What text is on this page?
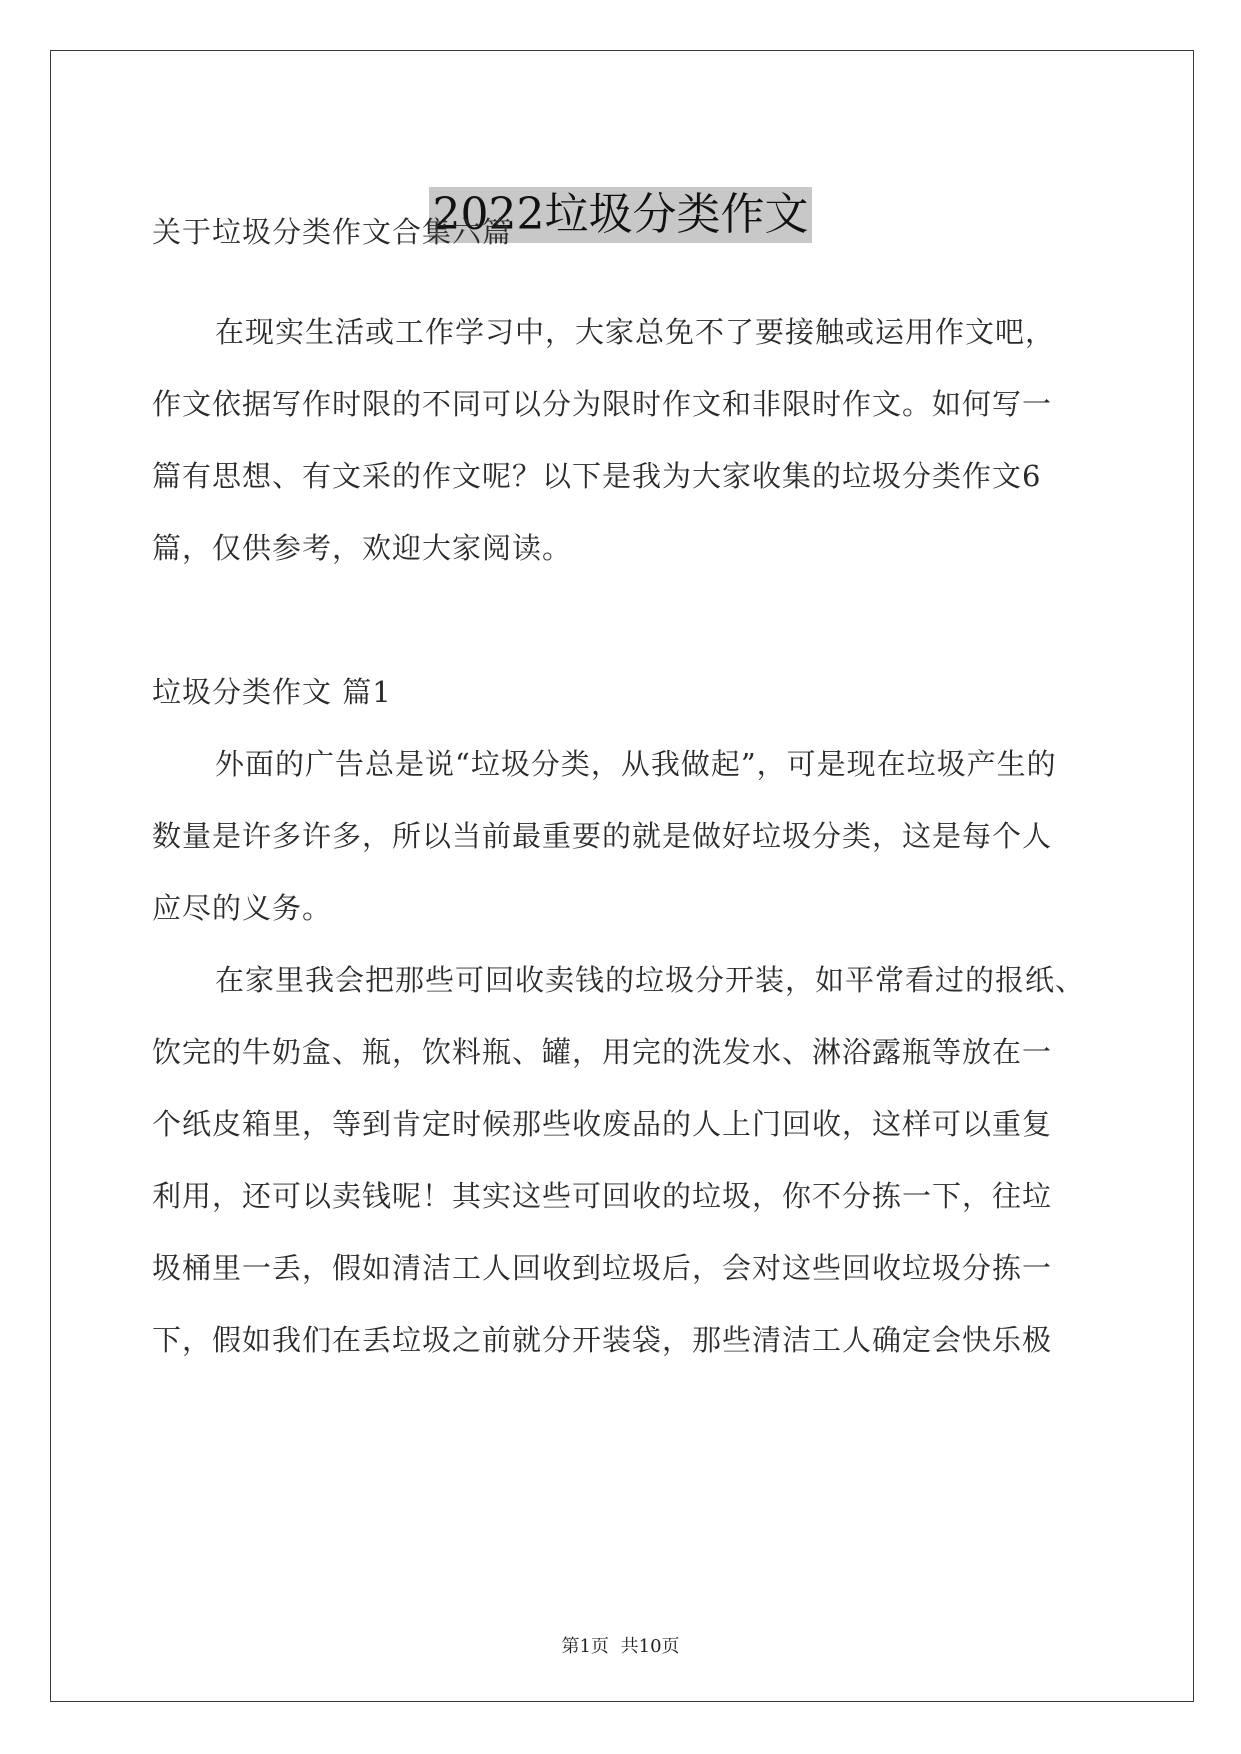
2022垃圾分类作文
关于垃圾分类作文合集六篇
在现实生活或工作学习中，大家总免不了要接触或运用作文吧，
作文依据写作时限的不同可以分为限时作文和非限时作文。如何写一
篇有思想、有文采的作文呢？以下是我为大家收集的垃圾分类作文6
篇，仅供参考，欢迎大家阅读。
垃圾分类作文 篇1
外面的广告总是说“垃圾分类，从我做起”，可是现在垃圾产生的
数量是许多许多，所以当前最重要的就是做好垃圾分类，这是每个人
应尽的义务。
在家里我会把那些可回收卖钱的垃圾分开装，如平常看过的报纸、
饮完的牛奶盒、瓶，饮料瓶、罐，用完的洗发水、淋浴露瓶等放在一
个纸皮箱里，等到肯定时候那些收废品的人上门回收，这样可以重复
利用，还可以卖钱呢！其实这些可回收的垃圾，你不分拣一下，往垃
圾桶里一丢，假如清洁工人回收到垃圾后，会对这些回收垃圾分拣一
下，假如我们在丢垃圾之前就分开装袋，那些清洁工人确定会快乐极
第1页 共10页
